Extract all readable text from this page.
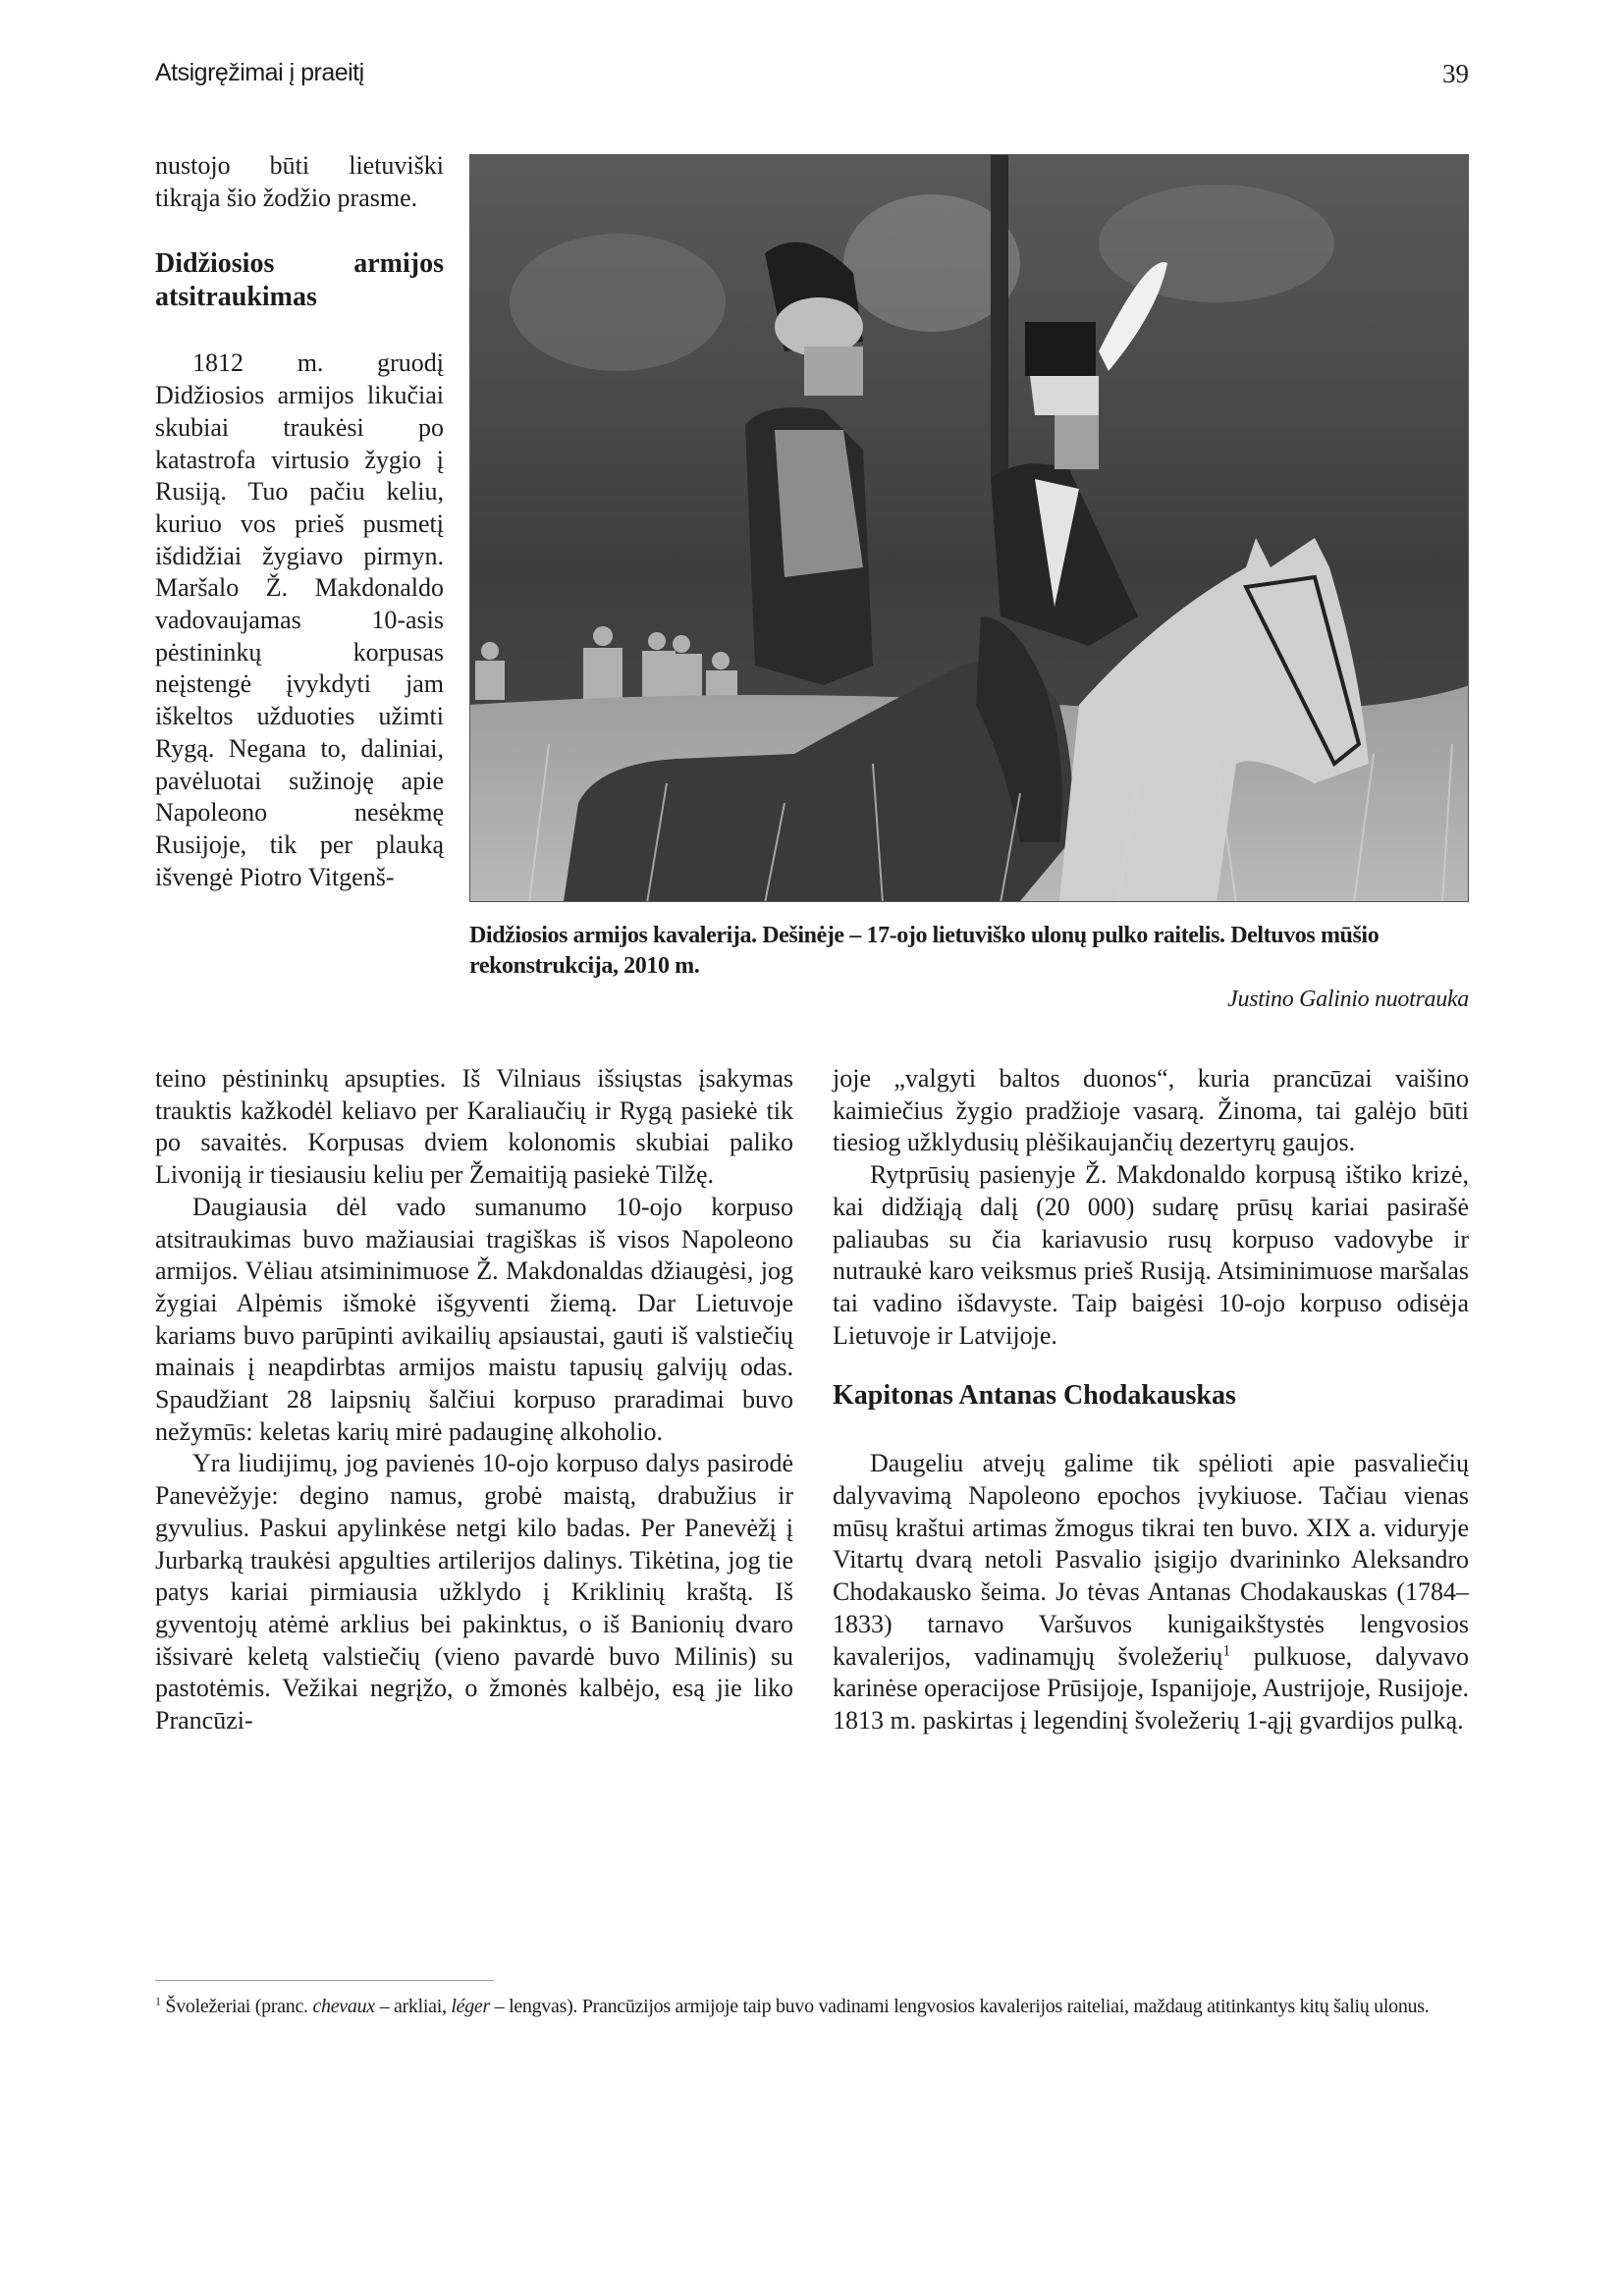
Atsigręžimai į praeitį	39

nustojo būti lietuviški tikrąja šio žodžio prasme.

Didžiosios armijos
atsitraukimas

1812 m. gruodį Didžiosios armijos likučiai skubiai traukėsi po katastrofa virtusio žygio į Rusiją. Tuo pačiu keliu, kuriuo vos prieš pusmetį išdidžiai žygiavo pirmyn. Maršalo Ž. Makdonaldo vadovaujamas 10-asis pėstininkų korpusas neįstengė įvykdyti jam iškeltos užduoties užimti Rygą. Negana to, daliniai, pavėluotai sužinoję apie Napoleono nesėkmę Rusijoje, tik per plauką išvengė Piotro Vitgenš-

Didžiosios armijos kavalerija. Dešinėje – 17-ojo lietuviško ulonų pulko raitelis. Deltuvos mūšio rekonstrukcija, 2010 m.
Justino Galinio nuotrauka

teino pėstininkų apsupties. Iš Vilniaus išsiųstas įsakymas trauktis kažkodėl keliavo per Karaliaučių ir Rygą pasiekė tik po savaitės. Korpusas dviem kolonomis skubiai paliko Livoniją ir tiesiausiu keliu per Žemaitiją pasiekė Tilžę.

Daugiausia dėl vado sumanumo 10-ojo korpuso atsitraukimas buvo mažiausiai tragiškas iš visos Napoleono armijos. Vėliau atsiminimuose Ž. Makdonaldas džiaugėsi, jog žygiai Alpėmis išmokė išgyventi žiemą. Dar Lietuvoje kariams buvo parūpinti avikailių apsiaustai, gauti iš valstiečių mainais į neapdirbtas armijos maistu tapusių galvijų odas. Spaudžiant 28 laipsnių šalčiui korpuso praradimai buvo nežymūs: keletas karių mirė padauginę alkoholio.

Yra liudijimų, jog pavienės 10-ojo korpuso dalys pasirodė Panevėžyje: degino namus, grobė maistą, drabužius ir gyvulius. Paskui apylinkėse netgi kilo badas. Per Panevėžį į Jurbarką traukėsi apgulties artilerijos dalinys. Tikėtina, jog tie patys kariai pirmiausia užklydo į Kriklinių kraštą. Iš gyventojų atėmė arklius bei pakinktus, o iš Banionių dvaro išsivarė keletą valstiečių (vieno pavardė buvo Milinis) su pastotėmis. Vežikai negrįžo, o žmonės kalbėjo, esą jie liko Prancūzi-

joje „valgyti baltos duonos“, kuria prancūzai vaišino kaimiečius žygio pradžioje vasarą. Žinoma, tai galėjo būti tiesiog užklydusių plėšikaujančių dezertyrų gaujos.

Rytprūsių pasienyje Ž. Makdonaldo korpusą ištiko krizė, kai didžiąją dalį (20 000) sudarę prūsų kariai pasirašė paliaubas su čia kariavusio rusų korpuso vadovybe ir nutraukė karo veiksmus prieš Rusiją. Atsiminimuose maršalas tai vadino išdavyste. Taip baigėsi 10-ojo korpuso odisėja Lietuvoje ir Latvijoje.

Kapitonas Antanas Chodakauskas

Daugeliu atvejų galime tik spėlioti apie pasvaliečių dalyvavimą Napoleono epochos įvykiuose. Tačiau vienas mūsų kraštui artimas žmogus tikrai ten buvo. XIX a. viduryje Vitartų dvarą netoli Pasvalio įsigijo dvarininko Aleksandro Chodakausko šeima. Jo tėvas Antanas Chodakauskas (1784–1833) tarnavo Varšuvos kunigaikštystės lengvosios kavalerijos, vadinamųjų švoležerių$^1$ pulkuose, dalyvavo karinėse operacijose Prūsijoje, Ispanijoje, Austrijoje, Rusijoje. 1813 m. paskirtas į legendinį švoležerių 1-ąjį gvardijos pulką.

$^1$ Švoležeriai (pranc. chevaux – arkliai, léger – lengvas). Prancūzijos armijoje taip buvo vadinami lengvosios kavalerijos raiteliai, maždaug atitinkantys kitų šalių ulonus.
